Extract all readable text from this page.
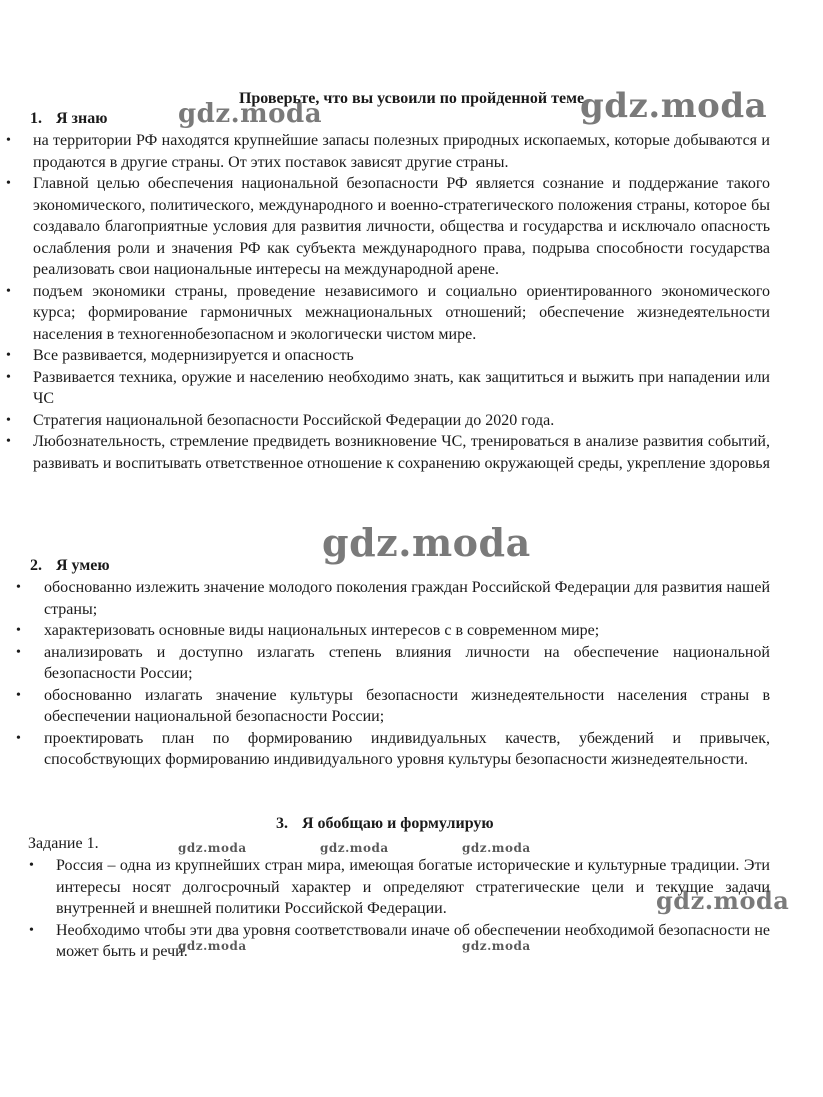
Проверьте, что вы усвоили по пройденной теме
1. Я знаю
• на территории РФ находятся крупнейшие запасы полезных природных ископаемых, которые добываются и продаются в другие страны. От этих поставок зависят другие страны.
• Главной целью обеспечения национальной безопасности РФ является сознание и поддержание такого экономического, политического, международного и военно-стратегического положения страны, которое бы создавало благоприятные условия для развития личности, общества и государства и исключало опасность ослабления роли и значения РФ как субъекта международного права, подрыва способности государства реализовать свои национальные интересы на международной арене.
• подъем экономики страны, проведение независимого и социально ориентированного экономического курса; формирование гармоничных межнациональных отношений; обеспечение жизнедеятельности населения в техногеннобезопасном и экологически чистом мире.
• Все развивается, модернизируется и опасность
• Развивается техника, оружие и населению необходимо знать, как защититься и выжить при нападении или ЧС
• Стратегия национальной безопасности Российской Федерации до 2020 года.
• Любознательность, стремление предвидеть возникновение ЧС, тренироваться в анализе развития событий, развивать и воспитывать ответственное отношение к сохранению окружающей среды, укрепление здоровья
2. Я умею
• обоснованно излежить значение молодого поколения граждан Российской Федерации для развития нашей страны;
• характеризовать основные виды национальных интересов с в современном мире;
• анализировать и доступно излагать степень влияния личности на обеспечение национальной безопасности России;
• обоснованно излагать значение культуры безопасности жизнедеятельности населения страны в обеспечении национальной безопасности России;
• проектировать план по формированию индивидуальных качеств, убеждений и привычек, способствующих формированию индивидуального уровня культуры безопасности жизнедеятельности.
3. Я обобщаю и формулирую

Задание 1.

• Россия – одна из крупнейших стран мира, имеющая богатые исторические и культурные традиции. Эти интересы носят долгосрочный характер и определяют стратегические цели и текущие задачи внутренней и внешней политики Российской Федерации.
• Необходимо чтобы эти два уровня соответствовали иначе об обеспечении необходимой безопасности не может быть и речи.
gdz.moda	gdz.moda
gdz.moda
gdz.moda	gdz.moda	gdz.moda
gdz.moda
gdz.moda	gdz.moda
